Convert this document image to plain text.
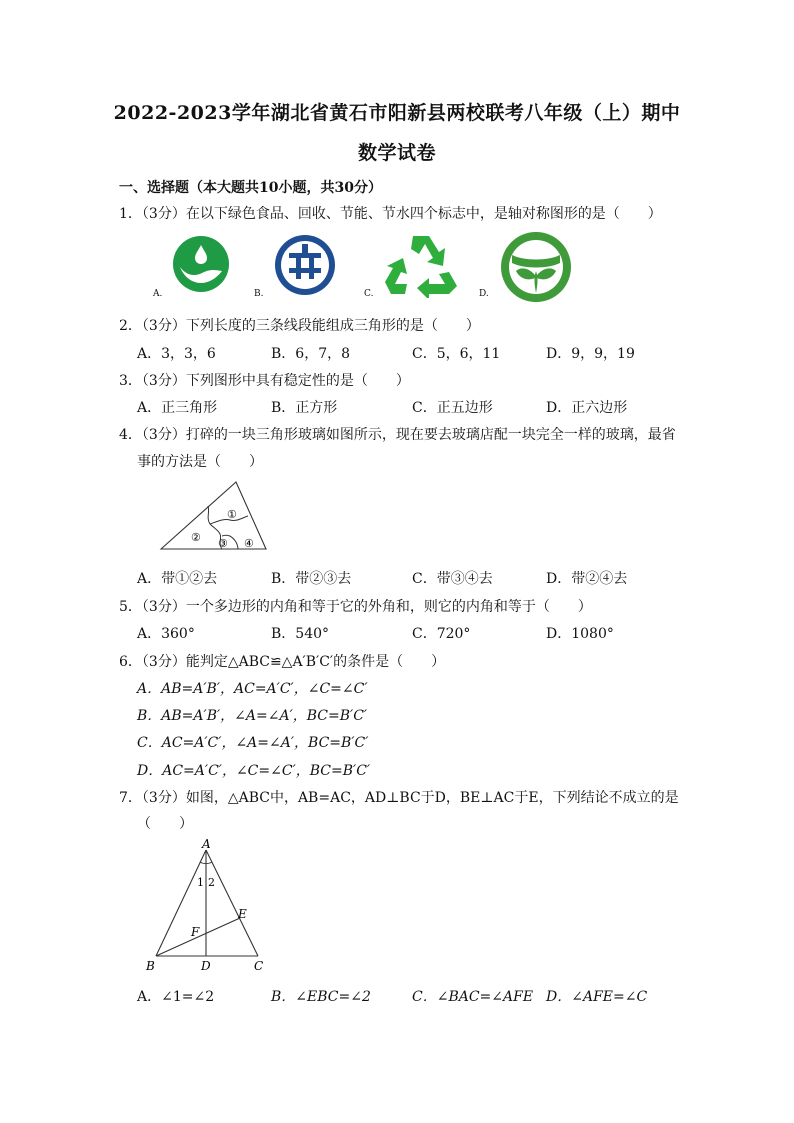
2022-2023学年湖北省黄石市阳新县两校联考八年级（上）期中
数学试卷
一、选择题（本大题共10小题，共30分）
1．（3分）在以下绿色食品、回收、节能、节水四个标志中，是轴对称图形的是（　　）
A.	B.	C.	D.
2．（3分）下列长度的三条线段能组成三角形的是（　　）
A．3，3，6	B．6，7，8	C．5，6，11	D．9，9，19
3．（3分）下列图形中具有稳定性的是（　　）
A．正三角形	B．正方形	C．正五边形	D．正六边形
4．（3分）打碎的一块三角形玻璃如图所示，现在要去玻璃店配一块完全一样的玻璃，最省
事的方法是（　　）
①
② ③ ④
A．带①②去	B．带②③去	C．带③④去	D．带②④去
5．（3分）一个多边形的内角和等于它的外角和，则它的内角和等于（　　）
A．360°	B．540°	C．720°	D．1080°
6．（3分）能判定△ABC≌△A′B′C′的条件是（　　）
A．AB=A′B′，AC=A′C′，∠C=∠C′
B．AB=A′B′，∠A=∠A′，BC=B′C′
C．AC=A′C′，∠A=∠A′，BC=B′C′
D．AC=A′C′，∠C=∠C′，BC=B′C′
7．（3分）如图，△ABC中，AB=AC，AD⊥BC于D，BE⊥AC于E，下列结论不成立的是
（　　）
A
B	C
D
E
F
1 2
A．∠1=∠2	B．∠EBC=∠2	C．∠BAC=∠AFE D．∠AFE=∠C
